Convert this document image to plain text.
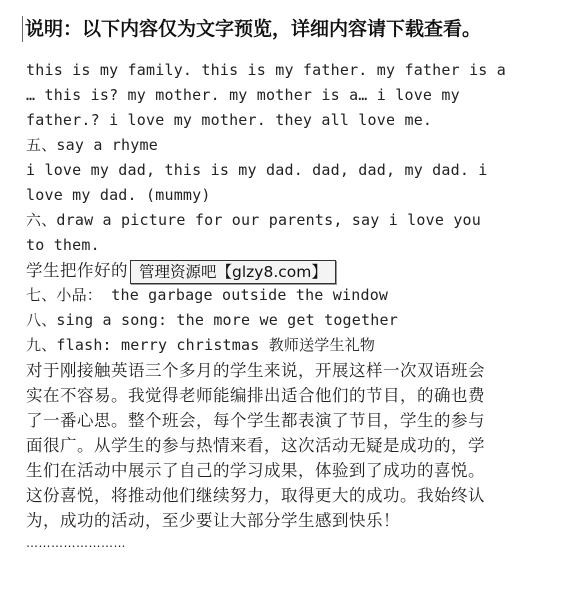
说明：以下内容仅为文字预览，详细内容请下载查看。
this is my family. this is my father. my father is a
… this is? my mother. my mother is a… i love my
father.? i love my mother. they all love me.
五、say a rhyme
i love my dad, this is my dad. dad, dad, my dad. i
love my dad. (mummy)
六、draw a picture for our parents, say i love you
to them.
学生把作好的 管理资源吧【glzy8.com】
七、小品： the garbage outside the window
八、sing a song: the more we get together
九、flash: merry christmas 教师送学生礼物
对于刚接触英语三个多月的学生来说，开展这样一次双语班会
实在不容易。我觉得老师能编排出适合他们的节目，的确也费
了一番心思。整个班会，每个学生都表演了节目，学生的参与
面很广。从学生的参与热情来看，这次活动无疑是成功的，学
生们在活动中展示了自己的学习成果，体验到了成功的喜悦。
这份喜悦，将推动他们继续努力，取得更大的成功。我始终认
为，成功的活动，至少要让大部分学生感到快乐！
……………………
